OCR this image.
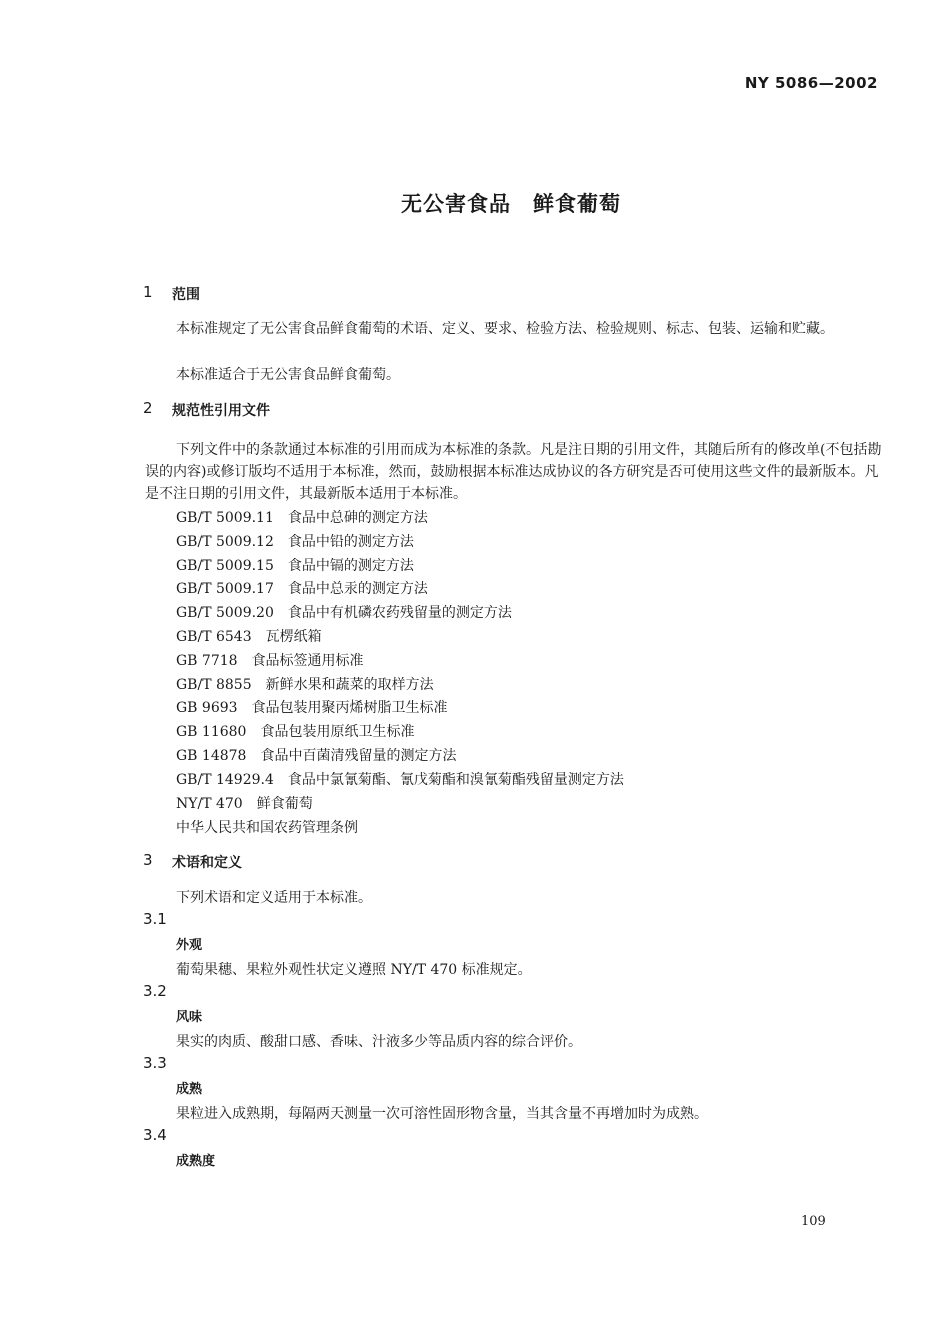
NY 5086—2002
无公害食品　鲜食葡萄
1 范围
本标准规定了无公害食品鲜食葡萄的术语、定义、要求、检验方法、检验规则、标志、包装、运输和贮藏。
本标准适合于无公害食品鲜食葡萄。
2 规范性引用文件
下列文件中的条款通过本标准的引用而成为本标准的条款。凡是注日期的引用文件，其随后所有的修改单(不包括勘误的内容)或修订版均不适用于本标准，然而，鼓励根据本标准达成协议的各方研究是否可使用这些文件的最新版本。凡是不注日期的引用文件，其最新版本适用于本标准。
GB/T 5009.11 食品中总砷的测定方法
GB/T 5009.12 食品中铅的测定方法
GB/T 5009.15 食品中镉的测定方法
GB/T 5009.17 食品中总汞的测定方法
GB/T 5009.20 食品中有机磷农药残留量的测定方法
GB/T 6543 瓦楞纸箱
GB 7718 食品标签通用标准
GB/T 8855 新鲜水果和蔬菜的取样方法
GB 9693 食品包装用聚丙烯树脂卫生标准
GB 11680 食品包装用原纸卫生标准
GB 14878 食品中百菌清残留量的测定方法
GB/T 14929.4 食品中氯氰菊酯、氰戊菊酯和溴氰菊酯残留量测定方法
NY/T 470 鲜食葡萄
中华人民共和国农药管理条例
3 术语和定义
下列术语和定义适用于本标准。
3.1
外观
葡萄果穗、果粒外观性状定义遵照 NY/T 470 标准规定。
3.2
风味
果实的肉质、酸甜口感、香味、汁液多少等品质内容的综合评价。
3.3
成熟
果粒进入成熟期，每隔两天测量一次可溶性固形物含量，当其含量不再增加时为成熟。
3.4
成熟度
109
